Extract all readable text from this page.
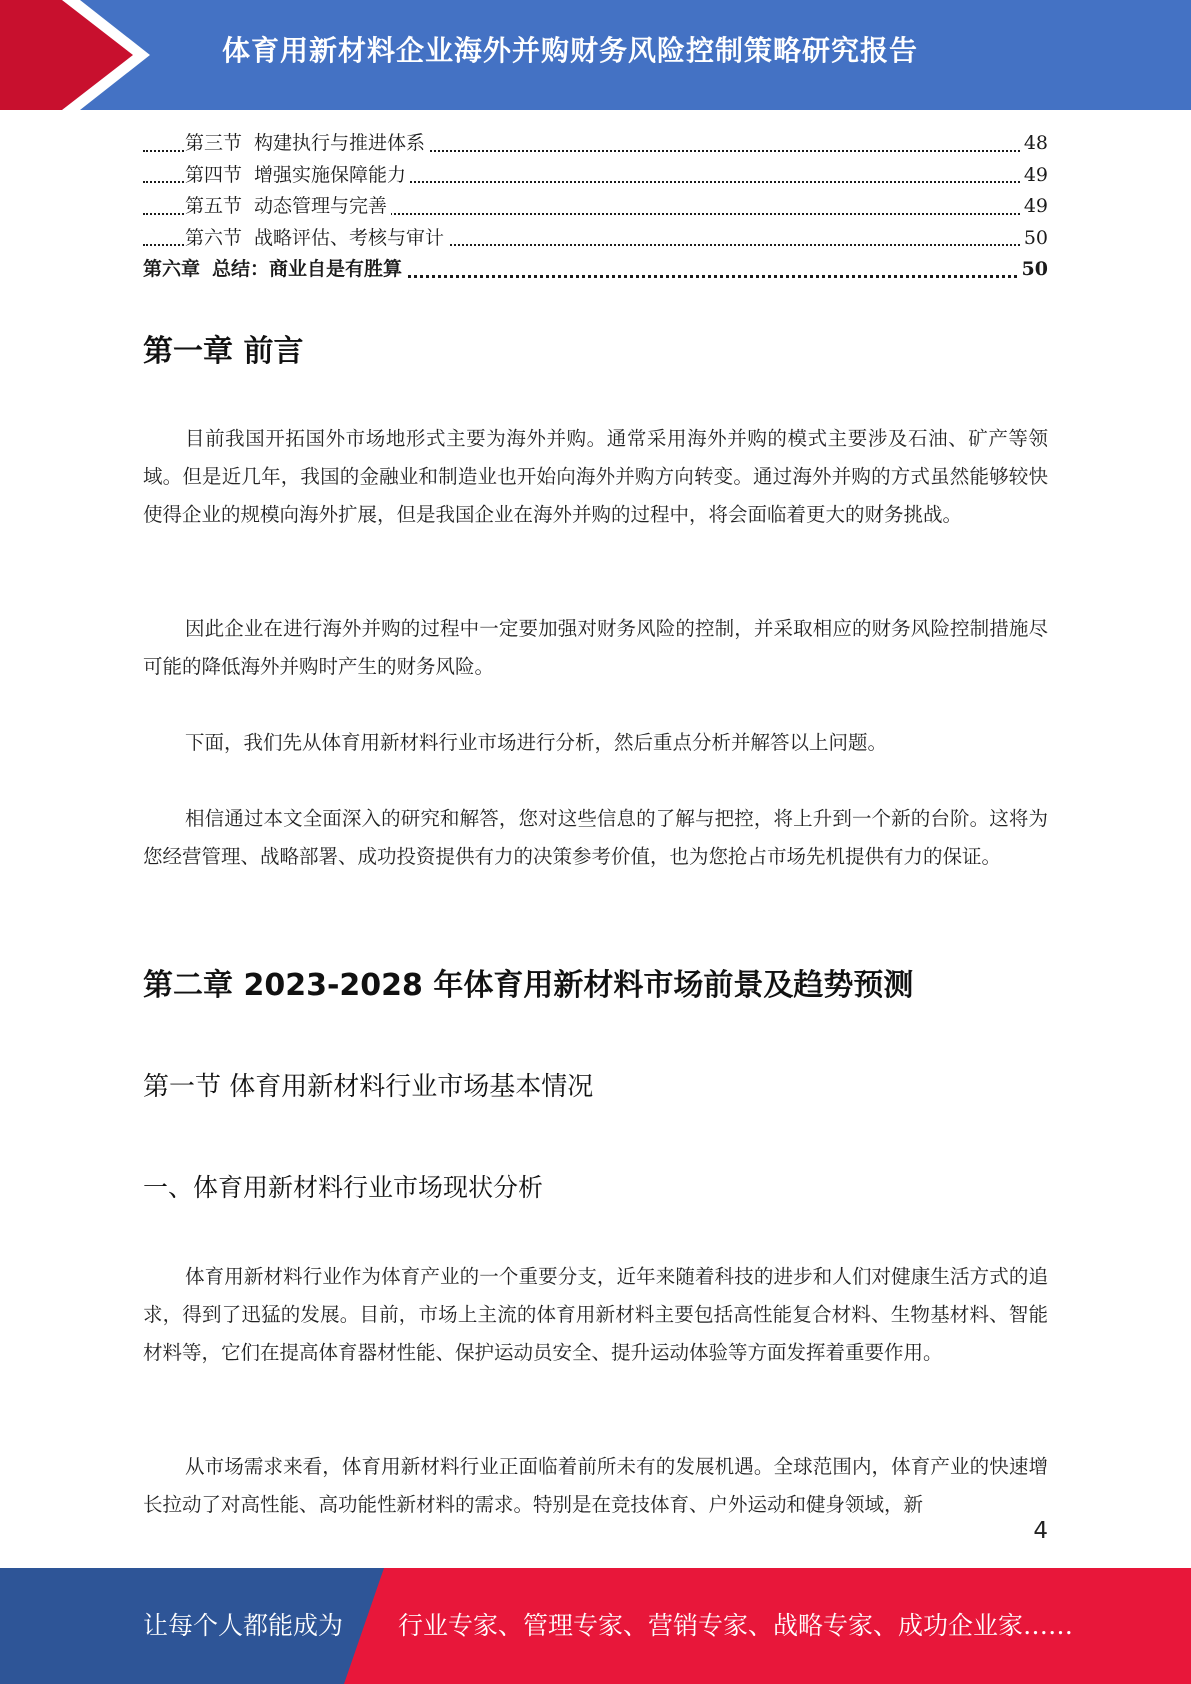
体育用新材料企业海外并购财务风险控制策略研究报告
第三节 构建执行与推进体系	48
第四节 增强实施保障能力	49
第五节 动态管理与完善	49
第六节 战略评估、考核与审计	50
第六章 总结：商业自是有胜算	50
第一章 前言

目前我国开拓国外市场地形式主要为海外并购。通常采用海外并购的模式主要涉及石油、矿产等领域。但是近几年，我国的金融业和制造业也开始向海外并购方向转变。通过海外并购的方式虽然能够较快使得企业的规模向海外扩展，但是我国企业在海外并购的过程中，将会面临着更大的财务挑战。

因此企业在进行海外并购的过程中一定要加强对财务风险的控制，并采取相应的财务风险控制措施尽可能的降低海外并购时产生的财务风险。

下面，我们先从体育用新材料行业市场进行分析，然后重点分析并解答以上问题。

相信通过本文全面深入的研究和解答，您对这些信息的了解与把控，将上升到一个新的台阶。这将为您经营管理、战略部署、成功投资提供有力的决策参考价值，也为您抢占市场先机提供有力的保证。

第二章 2023-2028 年体育用新材料市场前景及趋势预测
第一节 体育用新材料行业市场基本情况
一、体育用新材料行业市场现状分析

体育用新材料行业作为体育产业的一个重要分支，近年来随着科技的进步和人们对健康生活方式的追求，得到了迅猛的发展。目前，市场上主流的体育用新材料主要包括高性能复合材料、生物基材料、智能材料等，它们在提高体育器材性能、保护运动员安全、提升运动体验等方面发挥着重要作用。

从市场需求来看，体育用新材料行业正面临着前所未有的发展机遇。全球范围内，体育产业的快速增长拉动了对高性能、高功能性新材料的需求。特别是在竞技体育、户外运动和健身领域，新

4
让每个人都能成为 行业专家、管理专家、营销专家、战略专家、成功企业家……
